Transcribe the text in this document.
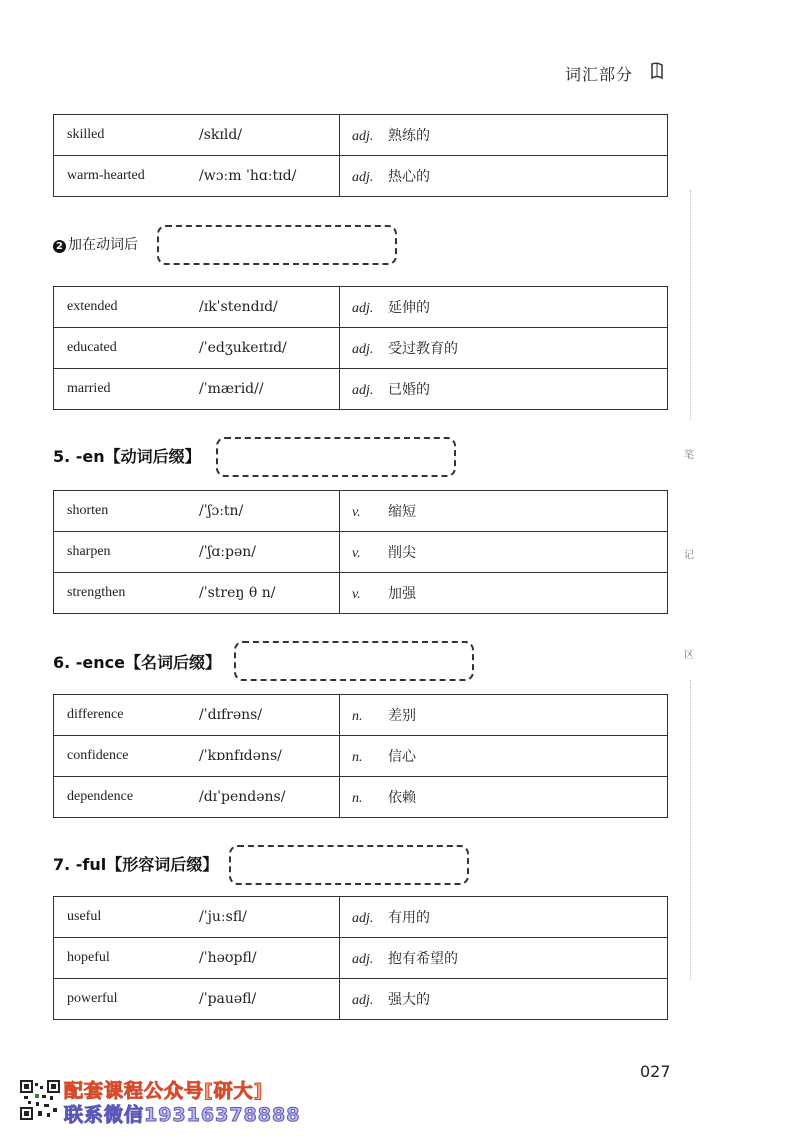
词汇部分
笔
记
区
skilled	/skɪld/	adj. 熟练的
warm-hearted	/wɔːm ˈhɑːtɪd/	adj. 热心的
2 加在动词后
extended	/ɪkˈstendɪd/	adj. 延伸的
educated	/ˈedʒukeɪtɪd/	adj. 受过教育的
married	/ˈmærid//	adj. 已婚的
5. -en【动词后缀】
shorten	/ˈʃɔːtn/	v. 缩短
sharpen	/ˈʃɑːpən/	v. 削尖
strengthen	/ˈstreŋ θ n/	v. 加强
6. -ence【名词后缀】
difference	/ˈdɪfrəns/	n. 差别
confidence	/ˈkɒnfɪdəns/	n. 信心
dependence	/dɪˈpendəns/	n. 依赖
7. -ful【形容词后缀】
useful	/ˈjuːsfl/	adj. 有用的
hopeful	/ˈhəʊpfl/	adj. 抱有希望的
powerful	/ˈpauəfl/	adj. 强大的
027
配套课程公众号[研大]
联系微信19316378888
